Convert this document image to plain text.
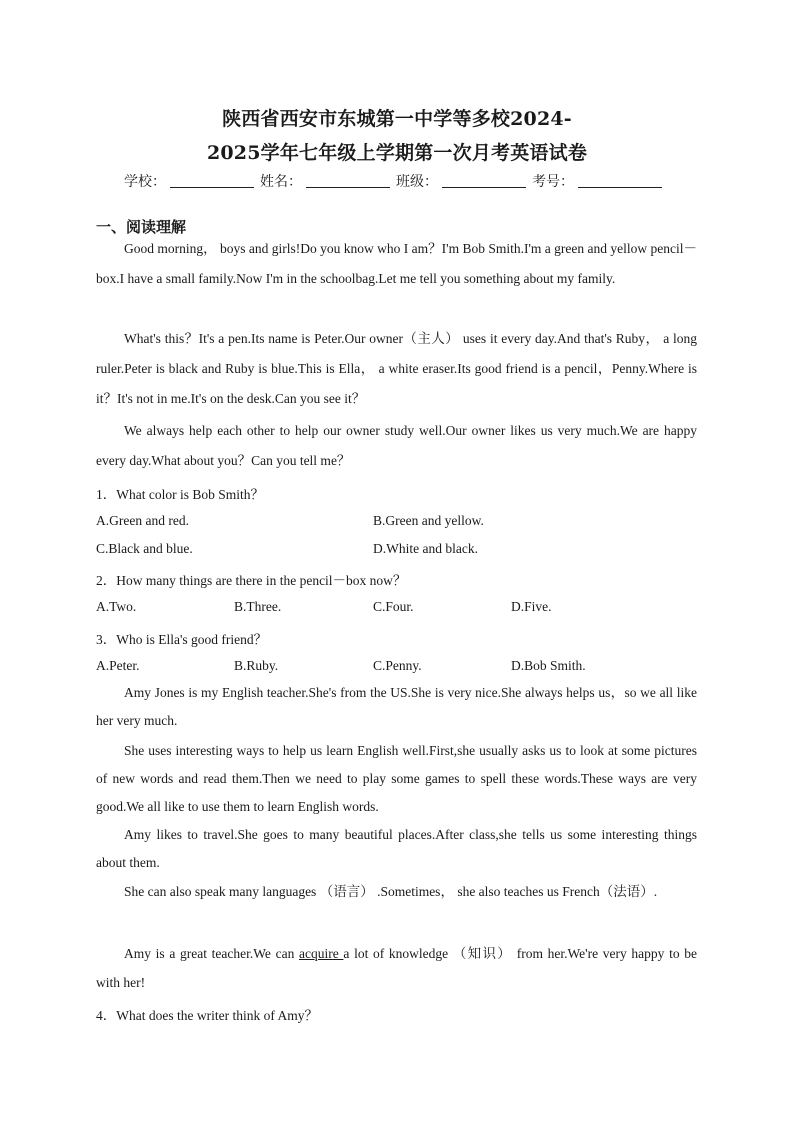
陕西省西安市东城第一中学等多校2024-
2025学年七年级上学期第一次月考英语试卷
学校：	姓名：	班级：	考号：
一、阅读理解

Good morning， boys and girls!Do you know who I am？I'm Bob Smith.I'm a green and yellow pencil－box.I have a small family.Now I'm in the schoolbag.Let me tell you something about my family.

What's this？It's a pen.Its name is Peter.Our owner（主人） uses it every day.And that's Ruby， a long ruler.Peter is black and Ruby is blue.This is Ella， a white eraser.Its good friend is a pencil，Penny.Where is it？It's not in me.It's on the desk.Can you see it？

We always help each other to help our owner study well.Our owner likes us very much.We are happy every day.What about you？Can you tell me？

1．What color is Bob Smith？
A.Green and red.	B.Green and yellow.
C.Black and blue.	D.White and black.
2．How many things are there in the pencil－box now？
A.Two.	B.Three.	C.Four.	D.Five.
3．Who is Ella's good friend？
A.Peter.	B.Ruby.	C.Penny.	D.Bob Smith.

Amy Jones is my English teacher.She's from the US.She is very nice.She always helps us，so we all like her very much.

She uses interesting ways to help us learn English well.First,she usually asks us to look at some pictures of new words and read them.Then we need to play some games to spell these words.These ways are very good.We all like to use them to learn English words.

Amy likes to travel.She goes to many beautiful places.After class,she tells us some interesting things about them.

She can also speak many languages （语言） .Sometimes， she also teaches us French（法语）.

Amy is a great teacher.We can acquire a lot of knowledge （知识） from her.We're very happy to be with her!

4．What does the writer think of Amy？
